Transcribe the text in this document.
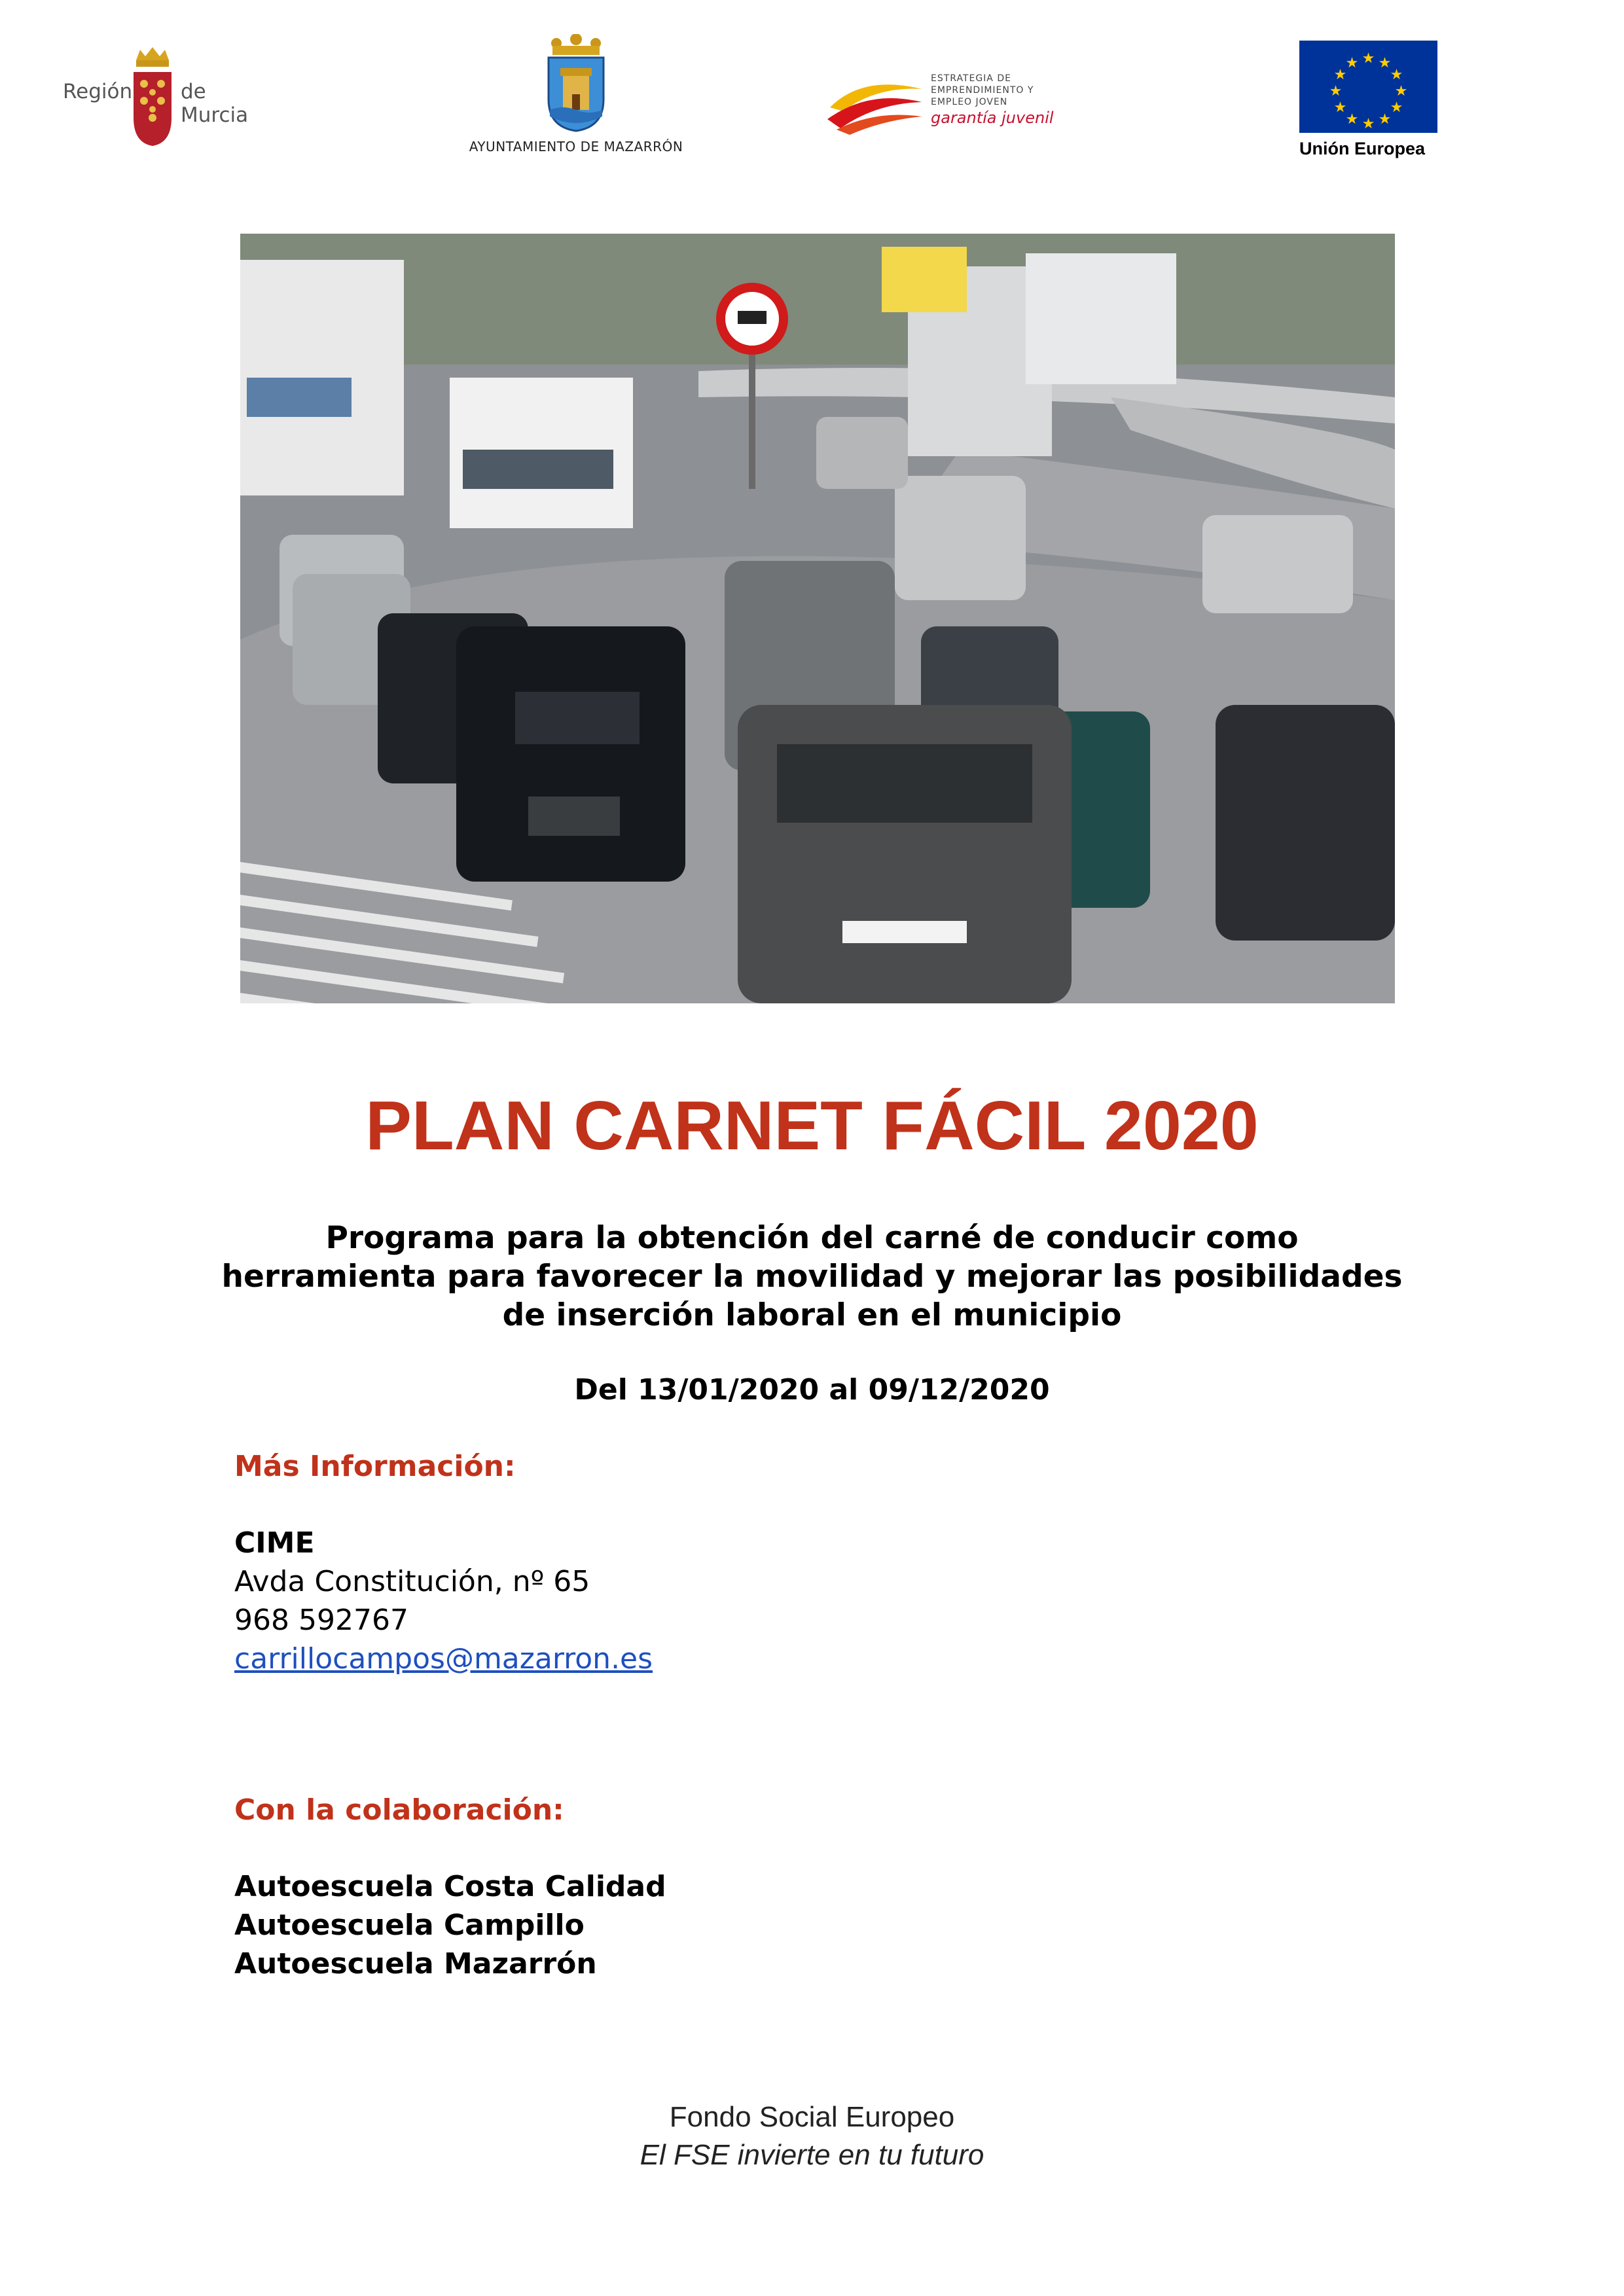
Región de Murcia
AYUNTAMIENTO DE MAZARRÓN
ESTRATEGIA DE
EMPRENDIMIENTO Y
EMPLEO JOVEN
garantía juvenil
★ ★
★
★
★
★
★
★
★
★
★
★
Unión Europea
PLAN CARNET FÁCIL 2020
Programa para la obtención del carné de conducir como
herramienta para favorecer la movilidad y mejorar las posibilidades
de inserción laboral en el municipio
Del 13/01/2020 al 09/12/2020
Más Información:
CIME
Avda Constitución, nº 65
968 592767
carrillocampos@mazarron.es
Con la colaboración:
Autoescuela Costa Calidad
Autoescuela Campillo
Autoescuela Mazarrón
Fondo Social Europeo
El FSE invierte en tu futuro
